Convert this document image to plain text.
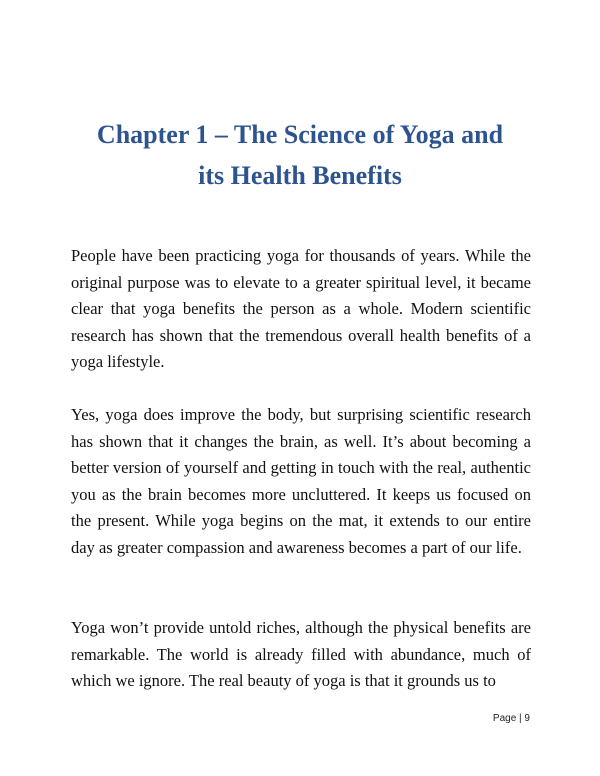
Chapter 1 – The Science of Yoga and
its Health Benefits

People have been practicing yoga for thousands of years. While the original purpose was to elevate to a greater spiritual level, it became clear that yoga benefits the person as a whole. Modern scientific research has shown that the tremendous overall health benefits of a yoga lifestyle.

Yes, yoga does improve the body, but surprising scientific research has shown that it changes the brain, as well. It’s about becoming a better version of yourself and getting in touch with the real, authentic you as the brain becomes more uncluttered. It keeps us focused on the present. While yoga begins on the mat, it extends to our entire day as greater compassion and awareness becomes a part of our life.

Yoga won’t provide untold riches, although the physical benefits are remarkable. The world is already filled with abundance, much of which we ignore. The real beauty of yoga is that it grounds us to

Page | 9
